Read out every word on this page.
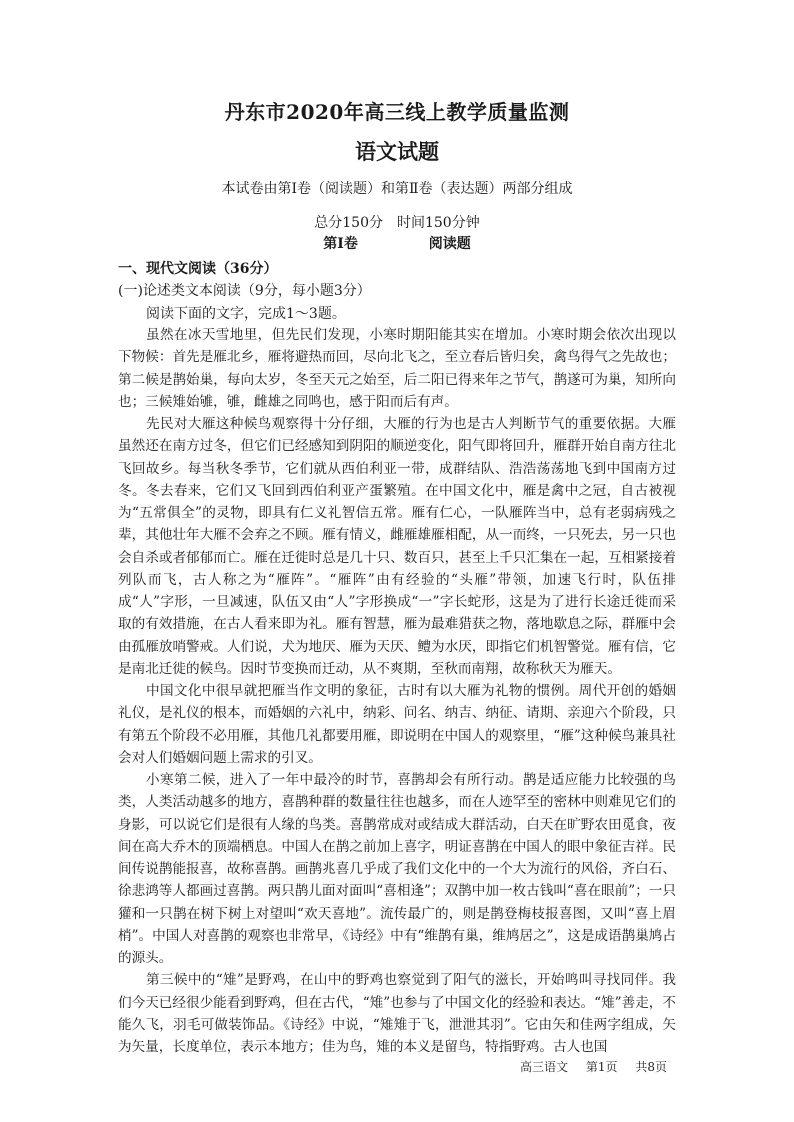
丹东市2020年高三线上教学质量监测
语文试题
本试卷由第Ⅰ卷（阅读题）和第Ⅱ卷（表达题）两部分组成
总分150分　时间150分钟
第Ⅰ卷	阅读题
一、现代文阅读（36分）
(一)论述类文本阅读（9分，每小题3分）
阅读下面的文字，完成1～3题。

虽然在冰天雪地里，但先民们发现，小寒时期阳能其实在增加。小寒时期会依次出现以下物候：首先是雁北乡，雁将避热而回，尽向北飞之，至立春后皆归矣，禽鸟得气之先故也；第二候是鹊始巢，每向太岁，冬至天元之始至，后二阳已得来年之节气，鹊遂可为巢，知所向也；三候雉始雊，雊，雌雄之同鸣也，感于阳而后有声。

先民对大雁这种候鸟观察得十分仔细，大雁的行为也是古人判断节气的重要依据。大雁虽然还在南方过冬，但它们已经感知到阴阳的顺逆变化，阳气即将回升，雁群开始自南方往北飞回故乡。每当秋冬季节，它们就从西伯利亚一带，成群结队、浩浩荡荡地飞到中国南方过冬。冬去春来，它们又飞回到西伯利亚产蛋繁殖。在中国文化中，雁是禽中之冠，自古被视为“五常俱全”的灵物，即具有仁义礼智信五常。雁有仁心，一队雁阵当中，总有老弱病残之辈，其他壮年大雁不会弃之不顾。雁有情义，雌雁雄雁相配，从一而终，一只死去，另一只也会自杀或者郁郁而亡。雁在迁徙时总是几十只、数百只，甚至上千只汇集在一起，互相紧接着列队而飞，古人称之为“雁阵”。“雁阵”由有经验的“头雁”带领，加速飞行时，队伍排成“人”字形，一旦减速，队伍又由“人”字形换成“一”字长蛇形，这是为了进行长途迁徙而采取的有效措施，在古人看来即为礼。雁有智慧，雁为最难猎获之物，落地歇息之际，群雁中会由孤雁放哨警戒。人们说，犬为地厌、雁为天厌、鳢为水厌，即指它们机智警觉。雁有信，它是南北迁徙的候鸟。因时节变换而迁动，从不爽期，至秋而南翔，故称秋天为雁天。

中国文化中很早就把雁当作文明的象征，古时有以大雁为礼物的惯例。周代开创的婚姻礼仪，是礼仪的根本，而婚姻的六礼中，纳彩、问名、纳吉、纳征、请期、亲迎六个阶段，只有第五个阶段不必用雁，其他几礼都要用雁，即说明在中国人的观察里，“雁”这种候鸟兼具社会对人们婚姻问题上需求的引叉。

小寒第二候，进入了一年中最冷的时节，喜鹊却会有所行动。鹊是适应能力比较强的鸟类，人类活动越多的地方，喜鹊种群的数量往往也越多，而在人迹罕至的密林中则难见它们的身影，可以说它们是很有人缘的鸟类。喜鹊常成对或结成大群活动，白天在旷野农田觅食，夜间在高大乔木的顶端栖息。中国人在鹊之前加上喜字，明证喜鹊在中国人的眼中象征吉祥。民间传说鹊能报喜，故称喜鹊。画鹊兆喜几乎成了我们文化中的一个大为流行的风俗，齐白石、徐悲鸿等人都画过喜鹊。两只鹊儿面对面叫“喜相逢”；双鹊中加一枚古钱叫“喜在眼前”；一只獾和一只鹊在树下树上对望叫“欢天喜地”。流传最广的，则是鹊登梅枝报喜图，又叫“喜上眉梢”。中国人对喜鹊的观察也非常早，《诗经》中有“维鹊有巢，维鸠居之”，这是成语鹊巢鸠占的源头。

第三候中的“雉”是野鸡，在山中的野鸡也察觉到了阳气的滋长，开始鸣叫寻找同伴。我们今天已经很少能看到野鸡，但在古代，“雉”也参与了中国文化的经验和表达。“雉”善走，不能久飞，羽毛可做装饰品。《诗经》中说，“雉雉于飞，泄泄其羽”。它由矢和佳两字组成，矢为矢量，长度单位，表示本地方；佳为鸟，雉的本义是留鸟，特指野鸡。古人也国

高三语文 第1页 共8页
